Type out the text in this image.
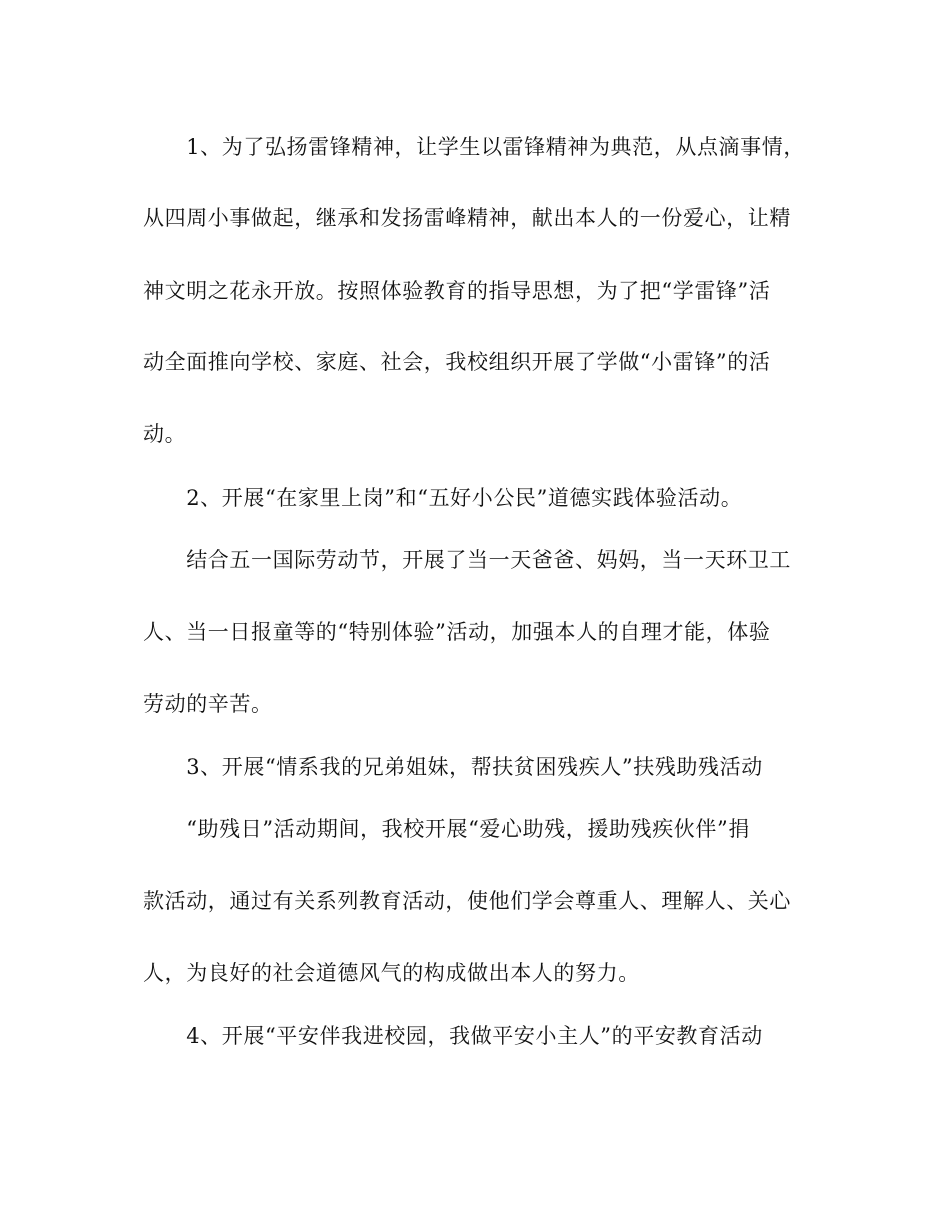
　　1、为了弘扬雷锋精神，让学生以雷锋精神为典范，从点滴事情，
从四周小事做起，继承和发扬雷峰精神，献出本人的一份爱心，让精
神文明之花永开放。按照体验教育的指导思想，为了把“学雷锋”活
动全面推向学校、家庭、社会，我校组织开展了学做“小雷锋”的活
动。
　　2、开展“在家里上岗”和“五好小公民”道德实践体验活动。
　　结合五一国际劳动节，开展了当一天爸爸、妈妈，当一天环卫工
人、当一日报童等的“特别体验”活动，加强本人的自理才能，体验
劳动的辛苦。
　　3、开展“情系我的兄弟姐妹，帮扶贫困残疾人”扶残助残活动
　　“助残日”活动期间，我校开展“爱心助残，援助残疾伙伴”捐
款活动，通过有关系列教育活动，使他们学会尊重人、理解人、关心
人，为良好的社会道德风气的构成做出本人的努力。
　　4、开展“平安伴我进校园，我做平安小主人”的平安教育活动
